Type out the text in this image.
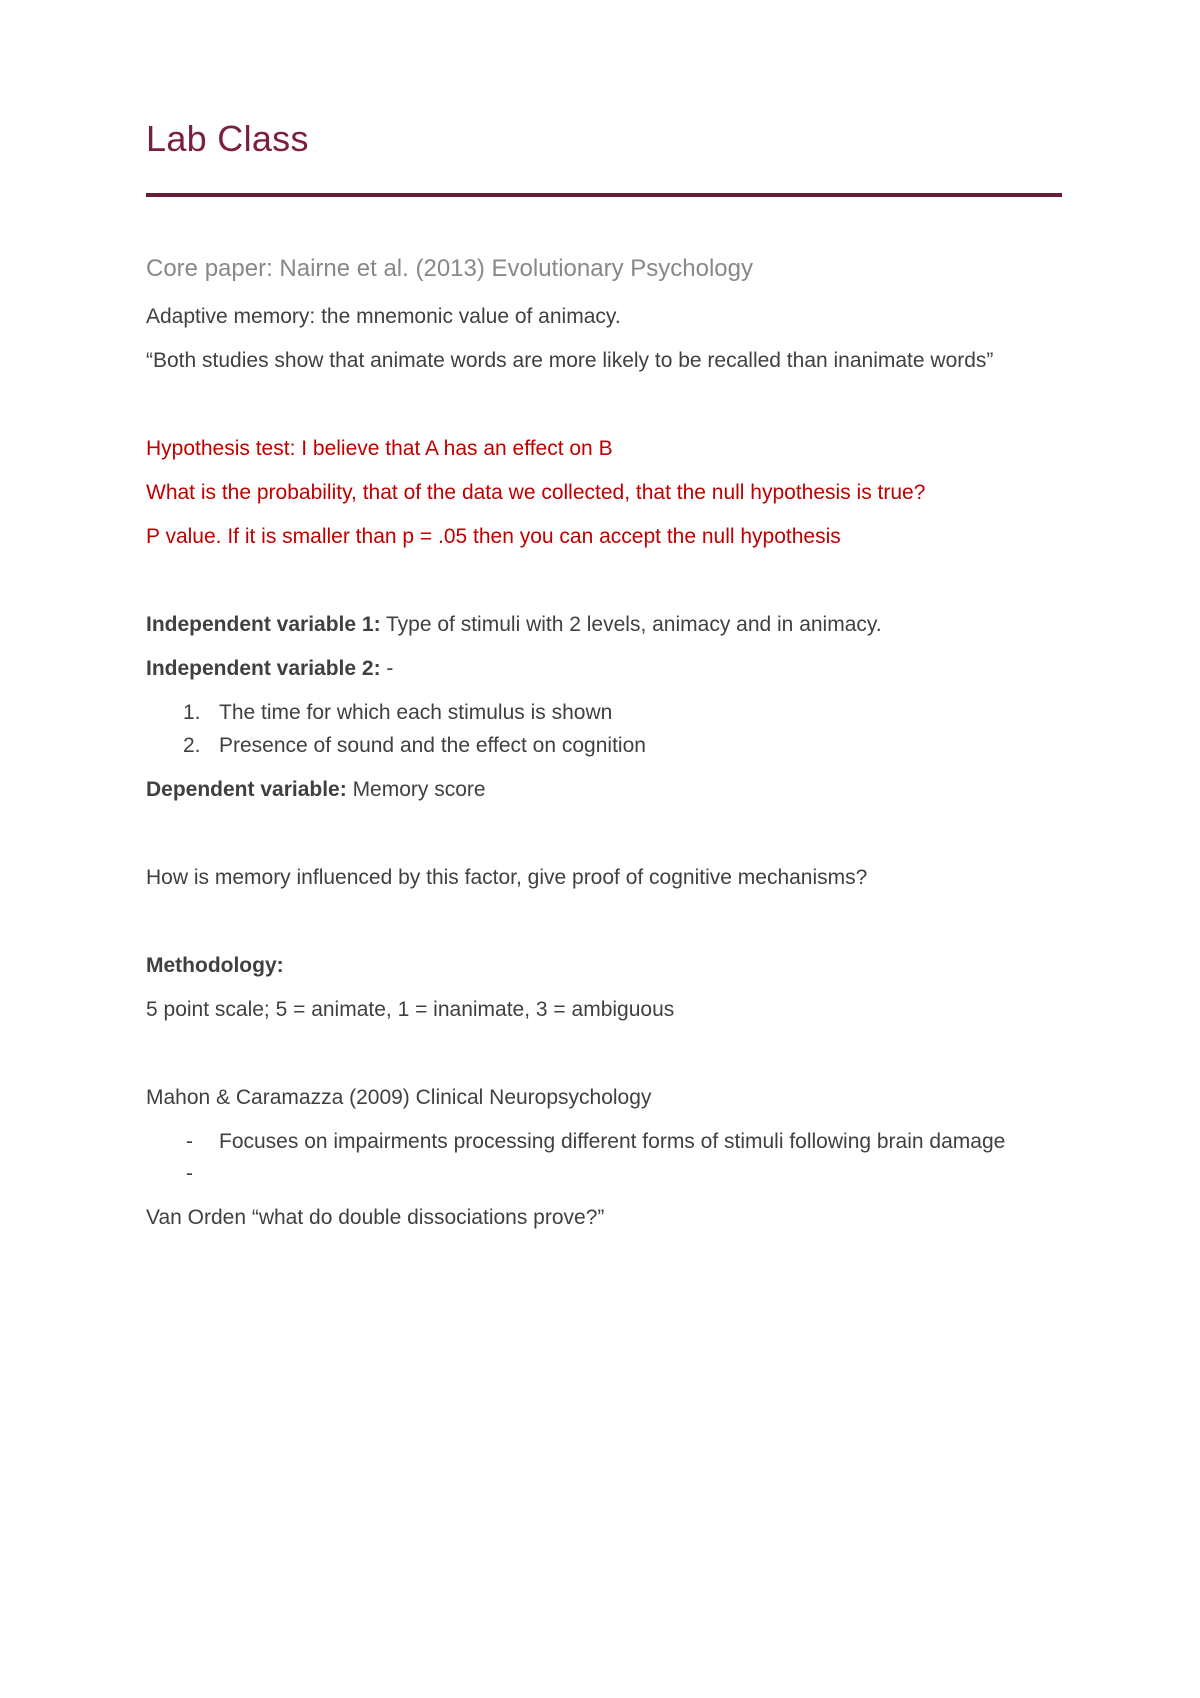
Lab Class
Core paper: Nairne et al. (2013) Evolutionary Psychology
Adaptive memory: the mnemonic value of animacy.
“Both studies show that animate words are more likely to be recalled than inanimate words”
Hypothesis test: I believe that A has an effect on B
What is the probability, that of the data we collected, that the null hypothesis is true?
P value. If it is smaller than p = .05 then you can accept the null hypothesis
Independent variable 1: Type of stimuli with 2 levels, animacy and in animacy.
Independent variable 2: -
1. The time for which each stimulus is shown
2. Presence of sound and the effect on cognition
Dependent variable: Memory score
How is memory influenced by this factor, give proof of cognitive mechanisms?
Methodology:
5 point scale; 5 = animate, 1 = inanimate, 3 = ambiguous
Mahon & Caramazza (2009) Clinical Neuropsychology
- Focuses on impairments processing different forms of stimuli following brain damage
-
Van Orden “what do double dissociations prove?”
